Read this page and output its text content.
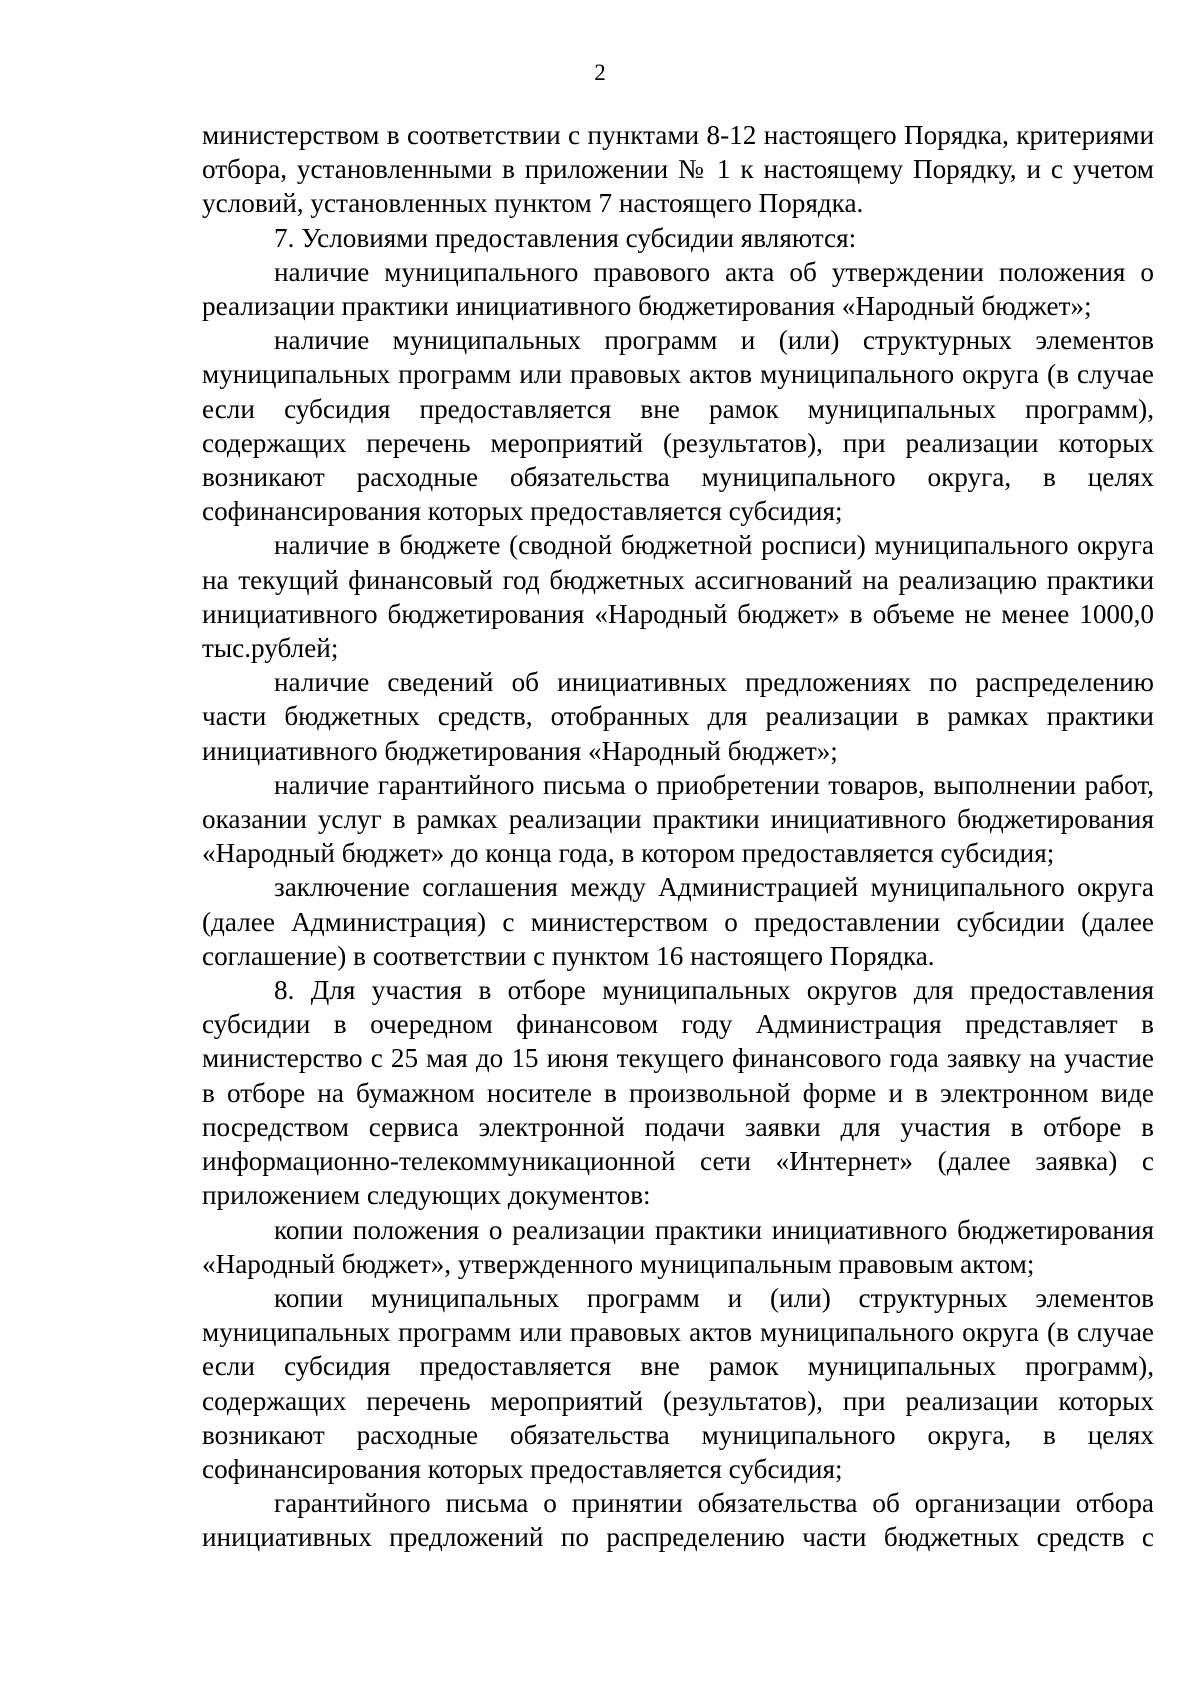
2

министерством в соответствии с пунктами 8-12 настоящего Порядка, критериями отбора, установленными в приложении № 1 к настоящему Порядку, и с учетом условий, установленных пунктом 7 настоящего Порядка.

7. Условиями предоставления субсидии являются:

наличие муниципального правового акта об утверждении положения о реализации практики инициативного бюджетирования «Народный бюджет»;

наличие муниципальных программ и (или) структурных элементов муниципальных программ или правовых актов муниципального округа (в случае если субсидия предоставляется вне рамок муниципальных программ), содержащих перечень мероприятий (результатов), при реализации которых возникают расходные обязательства муниципального округа, в целях софинансирования которых предоставляется субсидия;

наличие в бюджете (сводной бюджетной росписи) муниципального округа на текущий финансовый год бюджетных ассигнований на реализацию практики инициативного бюджетирования «Народный бюджет» в объеме не менее 1000,0 тыс.рублей;

наличие сведений об инициативных предложениях по распределению части бюджетных средств, отобранных для реализации в рамках практики инициативного бюджетирования «Народный бюджет»;

наличие гарантийного письма о приобретении товаров, выполнении работ, оказании услуг в рамках реализации практики инициативного бюджетирования «Народный бюджет» до конца года, в котором предоставляется субсидия;

заключение соглашения между Администрацией муниципального округа (далее Администрация) с министерством о предоставлении субсидии (далее соглашение) в соответствии с пунктом 16 настоящего Порядка.

8. Для участия в отборе муниципальных округов для предоставления субсидии в очередном финансовом году Администрация представляет в министерство с 25 мая до 15 июня текущего финансового года заявку на участие в отборе на бумажном носителе в произвольной форме и в электронном виде посредством сервиса электронной подачи заявки для участия в отборе в информационно-телекоммуникационной сети «Интернет» (далее заявка) с приложением следующих документов:

копии положения о реализации практики инициативного бюджетирования «Народный бюджет», утвержденного муниципальным правовым актом;

копии муниципальных программ и (или) структурных элементов муниципальных программ или правовых актов муниципального округа (в случае если субсидия предоставляется вне рамок муниципальных программ), содержащих перечень мероприятий (результатов), при реализации которых возникают расходные обязательства муниципального округа, в целях софинансирования которых предоставляется субсидия;

гарантийного письма о принятии обязательства об организации отбора инициативных предложений по распределению части бюджетных средств с
